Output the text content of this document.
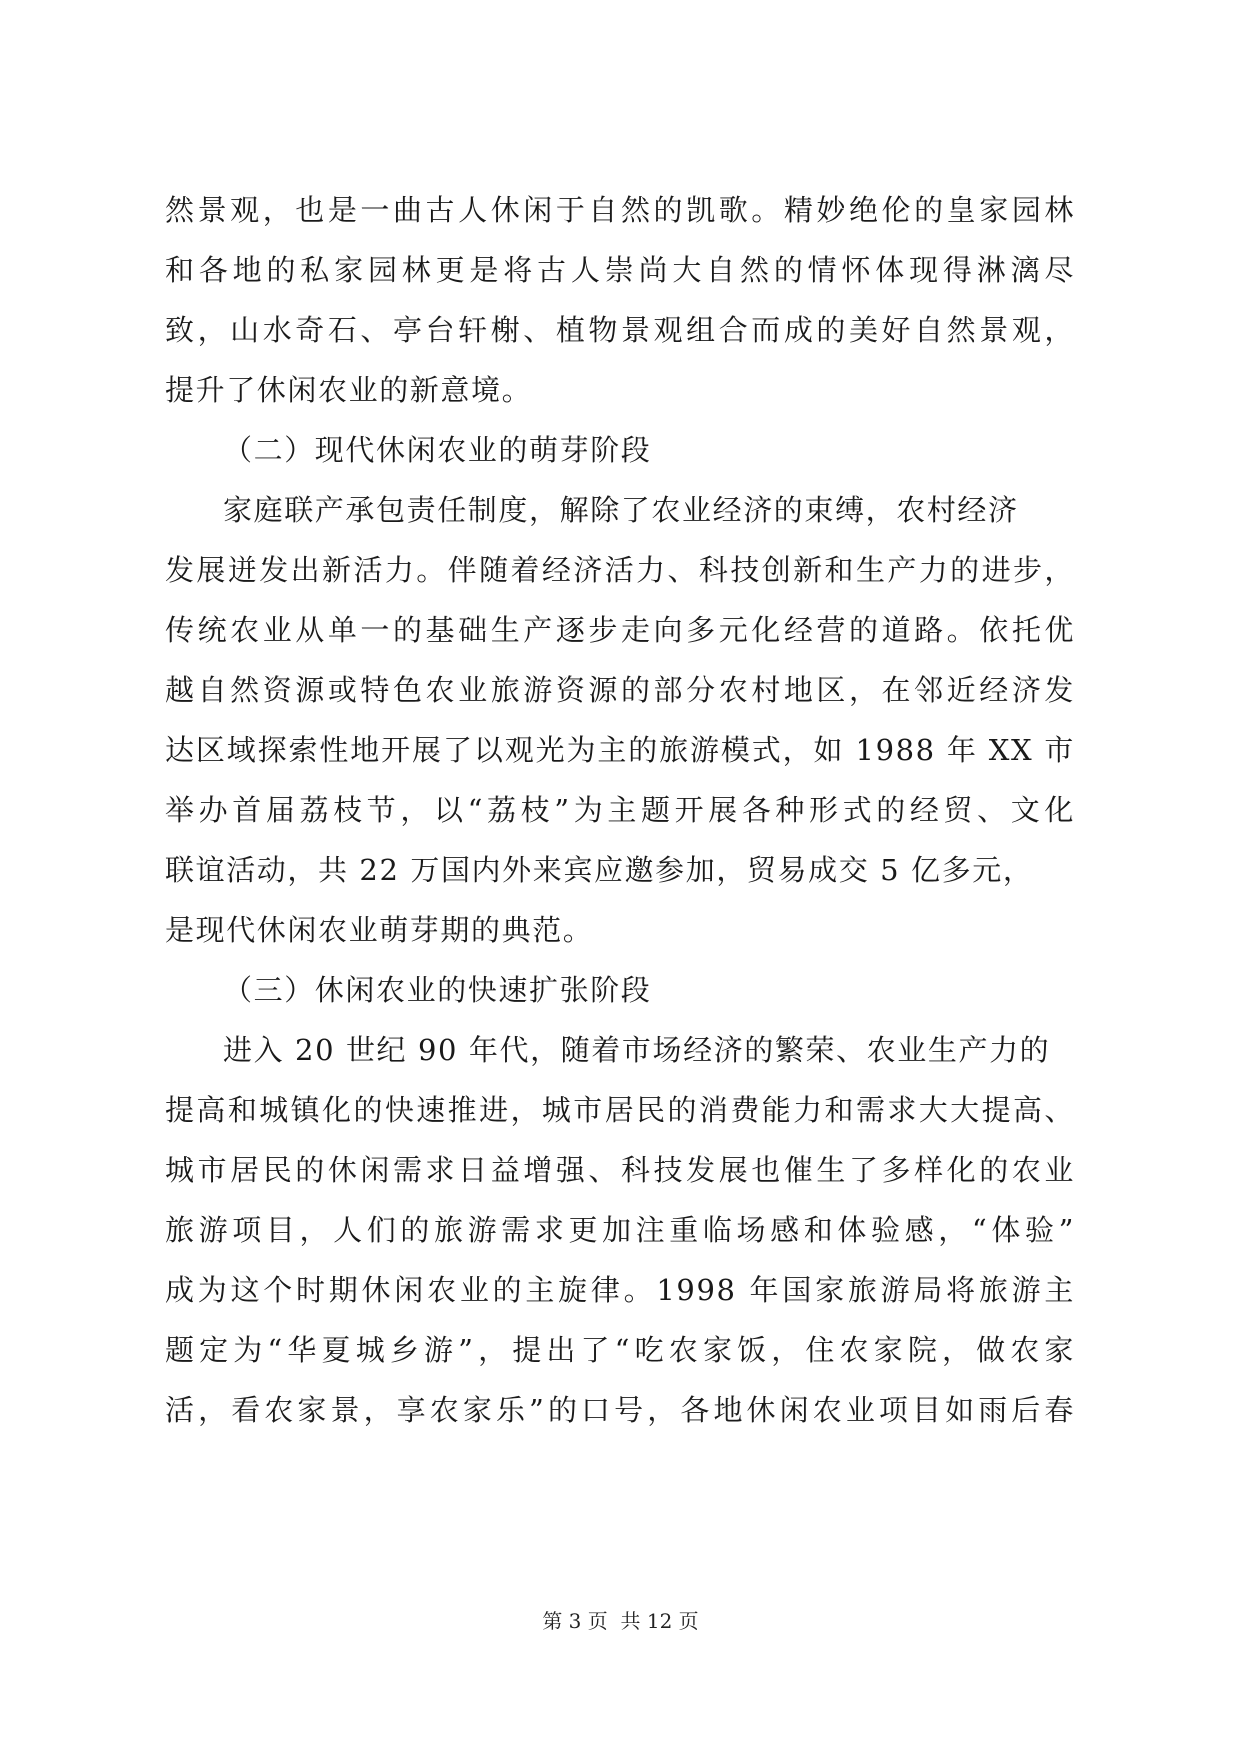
然景观，也是一曲古人休闲于自然的凯歌。精妙绝伦的皇家园林
和各地的私家园林更是将古人崇尚大自然的情怀体现得淋漓尽
致，山水奇石、亭台轩榭、植物景观组合而成的美好自然景观，
提升了休闲农业的新意境。
（二）现代休闲农业的萌芽阶段
家庭联产承包责任制度，解除了农业经济的束缚，农村经济
发展迸发出新活力。伴随着经济活力、科技创新和生产力的进步，
传统农业从单一的基础生产逐步走向多元化经营的道路。依托优
越自然资源或特色农业旅游资源的部分农村地区，在邻近经济发
达区域探索性地开展了以观光为主的旅游模式，如 1988 年 XX 市
举办首届荔枝节，以“荔枝”为主题开展各种形式的经贸、文化
联谊活动，共 22 万国内外来宾应邀参加，贸易成交 5 亿多元，
是现代休闲农业萌芽期的典范。
（三）休闲农业的快速扩张阶段
进入 20 世纪 90 年代，随着市场经济的繁荣、农业生产力的
提高和城镇化的快速推进，城市居民的消费能力和需求大大提高、
城市居民的休闲需求日益增强、科技发展也催生了多样化的农业
旅游项目，人们的旅游需求更加注重临场感和体验感，“体验”
成为这个时期休闲农业的主旋律。1998 年国家旅游局将旅游主
题定为“华夏城乡游”，提出了“吃农家饭，住农家院，做农家
活，看农家景，享农家乐”的口号，各地休闲农业项目如雨后春
第 3 页  共 12 页
